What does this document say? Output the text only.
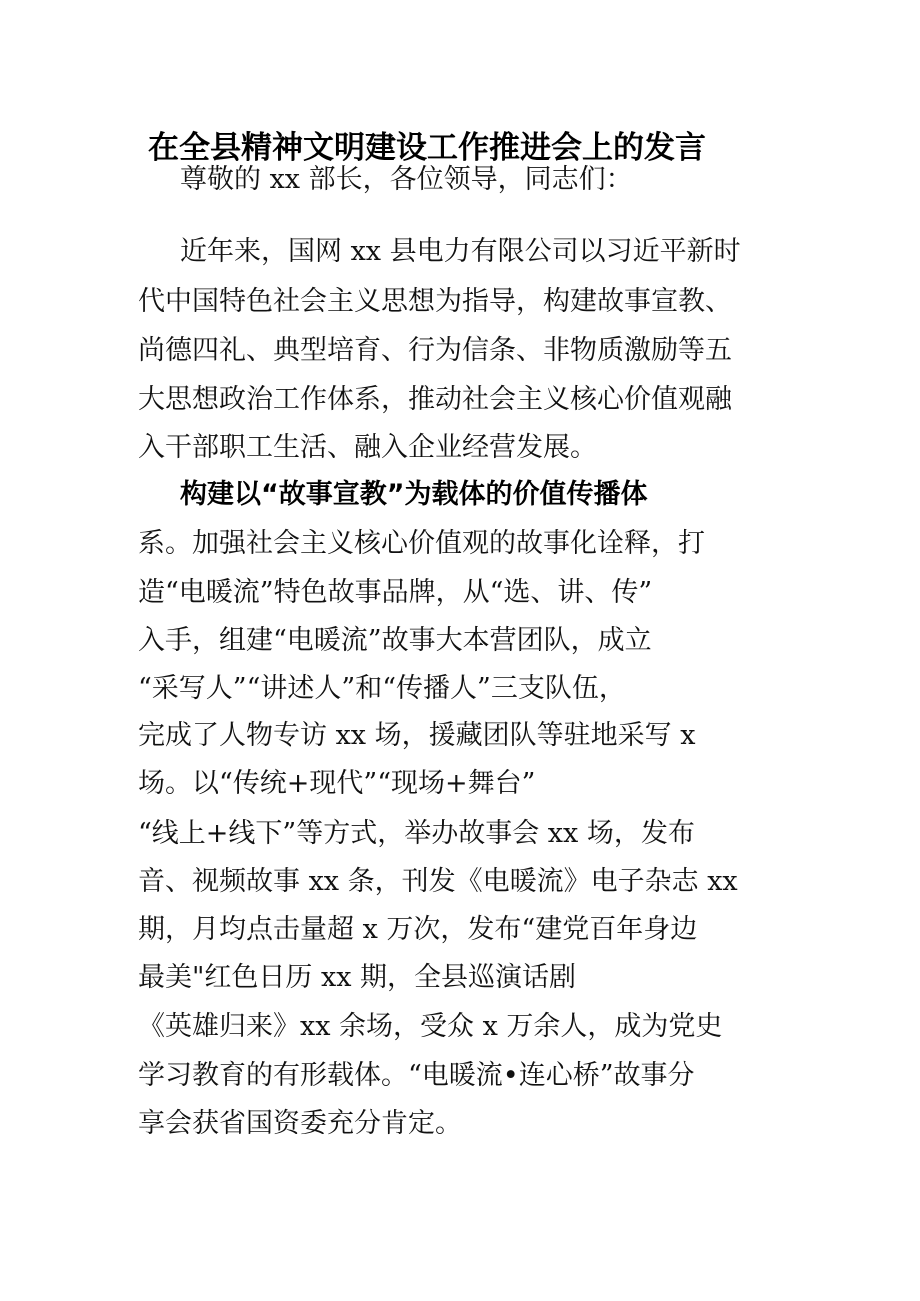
在全县精神文明建设工作推进会上的发言
尊敬的 xx 部长，各位领导，同志们：
近年来，国网 xx 县电力有限公司以习近平新时
代中国特色社会主义思想为指导，构建故事宣教、
尚德四礼、典型培育、行为信条、非物质激励等五
大思想政治工作体系，推动社会主义核心价值观融
入干部职工生活、融入企业经营发展。
构建以“故事宣教”为载体的价值传播体
系。加强社会主义核心价值观的故事化诠释，打
造“电暖流”特色故事品牌，从“选、讲、传”
入手，组建“电暖流”故事大本营团队，成立
“采写人”“讲述人”和“传播人”三支队伍，
完成了人物专访 xx 场，援藏团队等驻地采写 x
场。以“传统+现代”“现场+舞台”
“线上+线下”等方式，举办故事会 xx 场，发布
音、视频故事 xx 条，刊发《电暖流》电子杂志 xx
期，月均点击量超 x 万次，发布“建党百年身边
最美"红色日历 xx 期，全县巡演话剧
《英雄归来》xx 余场，受众 x 万余人，成为党史
学习教育的有形载体。“电暖流•连心桥”故事分
享会获省国资委充分肯定。
